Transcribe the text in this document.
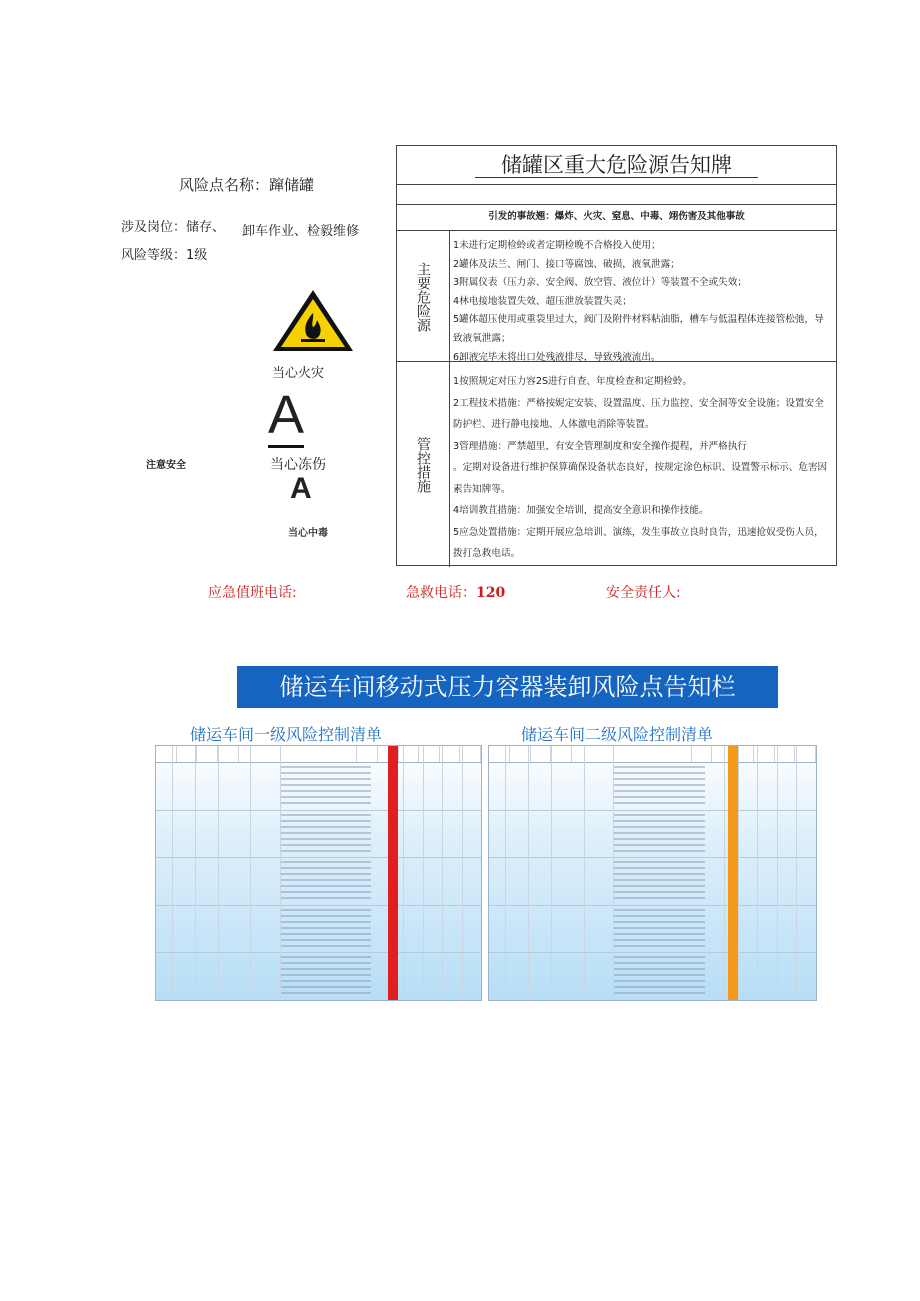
风险点名称：蹿储罐
涉及岗位：储存、 卸车作业、检毅维修
风险等级：1级
当心火灾
A
当心冻伤
注意安全
A
当心中毒
储罐区重大危险源告知牌
引发的事故翘：爆炸、火灾、窒息、中毒、翊伤害及其他事故
主要危险源
1未进行定期检蛉或者定期检晚不合格投入使用；
2罐体及法兰、闸门、接口等腐蚀、破损，液氧泄露；
3附属仪表（压力亲、安全阀、放空管、液位计）等装置不全或失效；
4林电接地装置失效、超压泄放装置失灵；
5罐体超压使用或重袋里过大，阀门及附件材料粘油脂，槽车与低温程体连接管松弛，导致液氧泄露；
6卸液完毕未将出口处残液排尽，导致残液流出。
管控措施
1按照规定对压力容2S进行自查、年度检查和定期检蛉。
2工程技术措施：严格按妮定安装、设置温度、压力监控、安全洞等安全设施；设置安全防护栏、进行静电接地、人体激电消除等装置。
3管理措施：严禁超里，有安全管理制度和安全操作提程，并严格执行
。定期对设备进行维护保算确保设备状态良好，按规定涂色标识、设置警示标示、危害因素告知牌等。
4培训教苴措施：加强安全培训，提高安全意识和操作技能。
5应急处置措施：定期开展应急培训、演练，发生事故立良时良告，迅速抢奴受伤人员，拨打急救电话。
应急值班电话:	急救电话：120	安全责任人:
储运车间移动式压力容器装卸风险点告知栏
储运车间一级风险控制清单	储运车间二级风险控制清单
